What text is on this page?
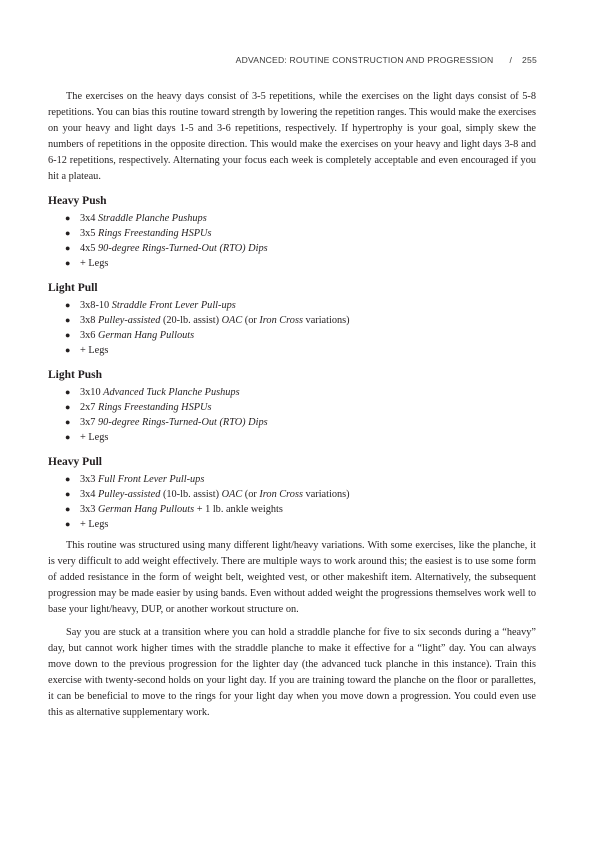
ADVANCED: ROUTINE CONSTRUCTION AND PROGRESSION / 255

The exercises on the heavy days consist of 3-5 repetitions, while the exercises on the light days consist of 5-8 repetitions. You can bias this routine toward strength by lowering the repetition ranges. This would make the exercises on your heavy and light days 1-5 and 3-6 repetitions, respectively. If hypertrophy is your goal, simply skew the numbers of repetitions in the opposite direction. This would make the exercises on your heavy and light days 3-8 and 6-12 repetitions, respectively. Alternating your focus each week is completely acceptable and even encouraged if you hit a plateau.

Heavy Push
● 3x4 Straddle Planche Pushups
● 3x5 Rings Freestanding HSPUs
● 4x5 90-degree Rings-Turned-Out (RTO) Dips
● + Legs
Light Pull
● 3x8-10 Straddle Front Lever Pull-ups
● 3x8 Pulley-assisted (20-lb. assist) OAC (or Iron Cross variations)
● 3x6 German Hang Pullouts
● + Legs
Light Push
● 3x10 Advanced Tuck Planche Pushups
● 2x7 Rings Freestanding HSPUs
● 3x7 90-degree Rings-Turned-Out (RTO) Dips
● + Legs
Heavy Pull
● 3x3 Full Front Lever Pull-ups
● 3x4 Pulley-assisted (10-lb. assist) OAC (or Iron Cross variations)
● 3x3 German Hang Pullouts + 1 lb. ankle weights
● + Legs

This routine was structured using many different light/heavy variations. With some exercises, like the planche, it is very difficult to add weight effectively. There are multiple ways to work around this; the easiest is to use some form of added resistance in the form of weight belt, weighted vest, or other makeshift item. Alternatively, the subsequent progression may be made easier by using bands. Even without added weight the progressions themselves work well to base your light/heavy, DUP, or another workout structure on.

Say you are stuck at a transition where you can hold a straddle planche for five to six seconds during a “heavy” day, but cannot work higher times with the straddle planche to make it effective for a “light” day. You can always move down to the previous progression for the lighter day (the advanced tuck planche in this instance). Train this exercise with twenty-second holds on your light day. If you are training toward the planche on the floor or parallettes, it can be beneficial to move to the rings for your light day when you move down a progression. You could even use this as alternative supplementary work.
